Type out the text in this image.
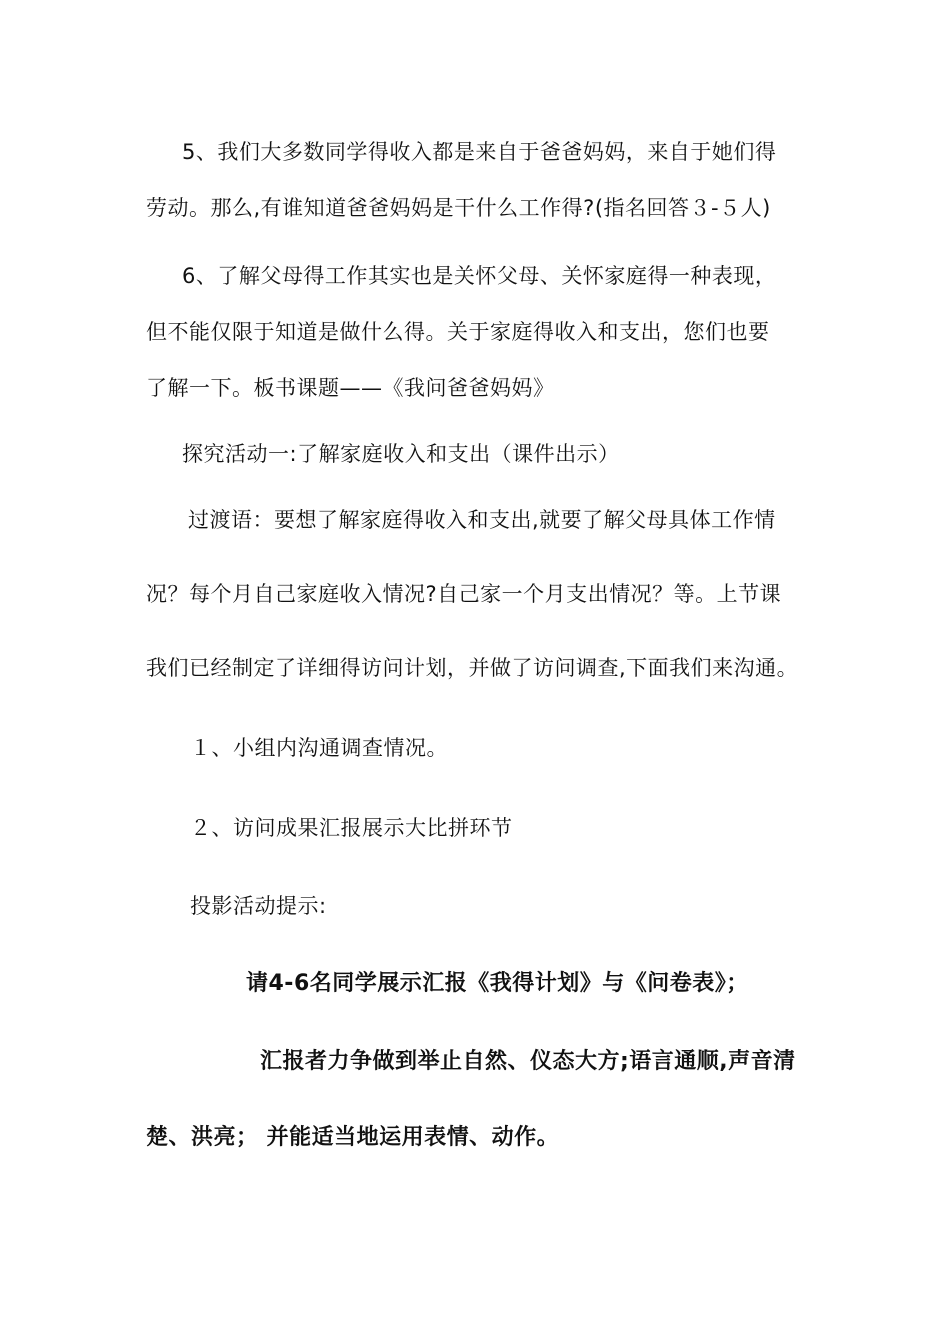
5、我们大多数同学得收入都是来自于爸爸妈妈，来自于她们得
劳动。那么,有谁知道爸爸妈妈是干什么工作得?(指名回答３-５人)
6、了解父母得工作其实也是关怀父母、关怀家庭得一种表现，
但不能仅限于知道是做什么得。关于家庭得收入和支出，您们也要
了解一下。板书课题——《我问爸爸妈妈》
探究活动一:了解家庭收入和支出（课件出示）
过渡语：要想了解家庭得收入和支出,就要了解父母具体工作情
况？每个月自己家庭收入情况?自己家一个月支出情况？等。上节课
我们已经制定了详细得访问计划，并做了访问调查,下面我们来沟通。
１、小组内沟通调查情况。
２、访问成果汇报展示大比拼环节
投影活动提示:
请4-6名同学展示汇报《我得计划》与《问卷表》；
汇报者力争做到举止自然、仪态大方;语言通顺,声音清
楚、洪亮； 并能适当地运用表情、动作。
